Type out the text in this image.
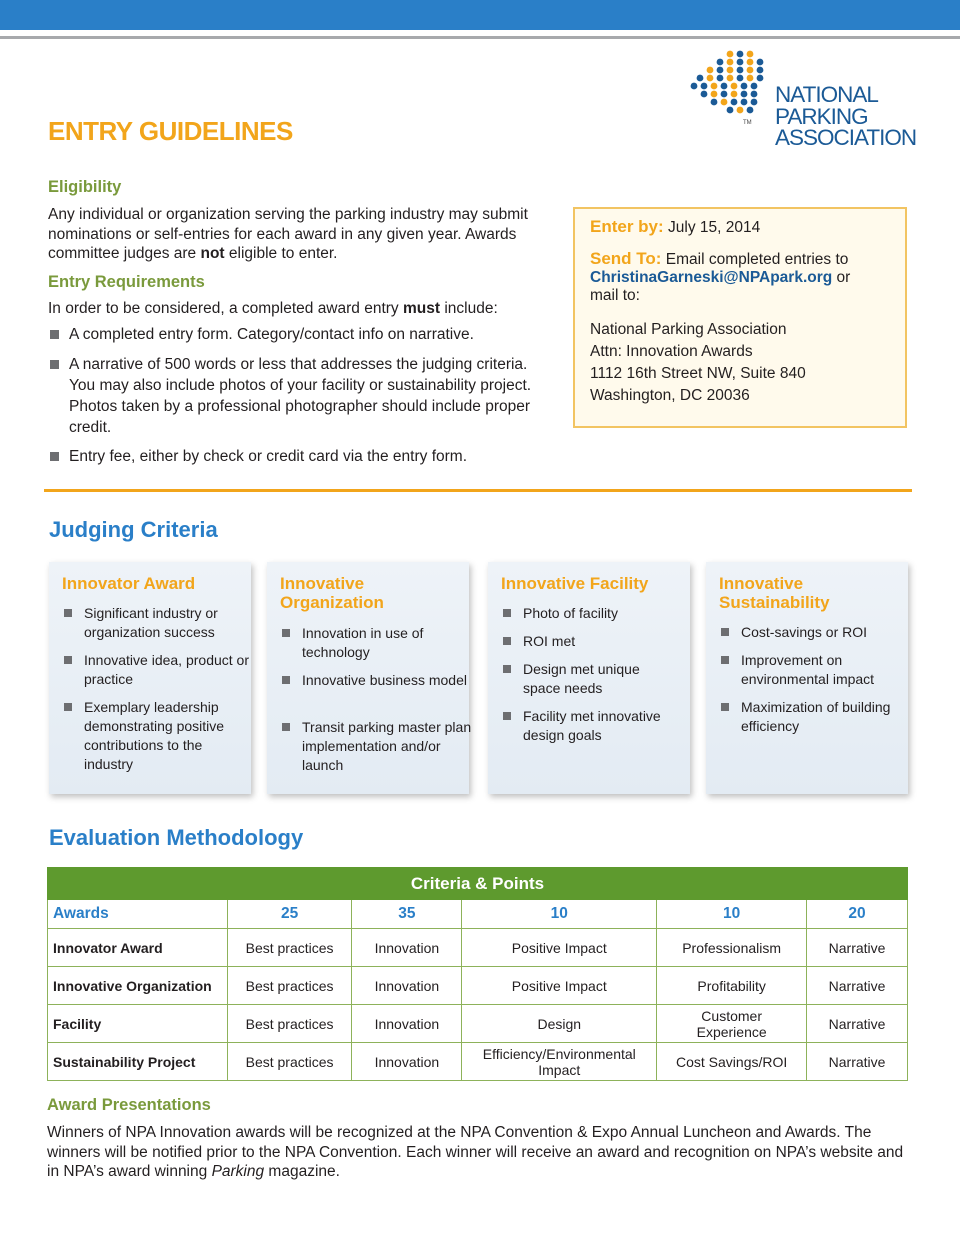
TM
NATIONAL
PARKING
ASSOCIATION
ENTRY GUIDELINES
Eligibility
Any individual or organization serving the parking industry may submit nominations or self-entries for each award in any given year. Awards committee judges are not eligible to enter.
Entry Requirements
In order to be considered, a completed award entry must include:
A completed entry form. Category/contact info on narrative.
A narrative of 500 words or less that addresses the judging criteria. You may also include photos of your facility or sustainability project. Photos taken by a professional photographer should include proper credit.
Entry fee, either by check or credit card via the entry form.
Enter by: July 15, 2014
Send To: Email completed entries to
ChristinaGarneski@NPApark.org or
mail to:
National Parking Association
Attn: Innovation Awards
1112 16th Street NW, Suite 840
Washington, DC 20036
Judging Criteria
Innovator Award
Significant industry or organization success
Innovative idea, product or practice
Exemplary leadership demonstrating positive contributions to the industry
Innovative Organization
Innovation in use of technology
Innovative business model
Transit parking master plan implementation and/or launch
Innovative Facility
Photo of facility
ROI met
Design met unique space needs
Facility met innovative design goals
Innovative Sustainability
Cost-savings or ROI
Improvement on environmental impact
Maximization of building efficiency
Evaluation Methodology
Criteria & Points					
Awards	25	35	10	10	20
Innovator Award	Best practices	Innovation	Positive Impact	Professionalism	Narrative
Innovative Organization	Best practices	Innovation	Positive Impact	Profitability	Narrative
Facility	Best practices	Innovation	Design	Customer Experience	Narrative
Sustainability Project	Best practices	Innovation	Efficiency/Environmental Impact	Cost Savings/ROI	Narrative
Award Presentations
Winners of NPA Innovation awards will be recognized at the NPA Convention & Expo Annual Luncheon and Awards. The winners will be notified prior to the NPA Convention. Each winner will receive an award and recognition on NPA’s website and in NPA’s award winning Parking magazine.
